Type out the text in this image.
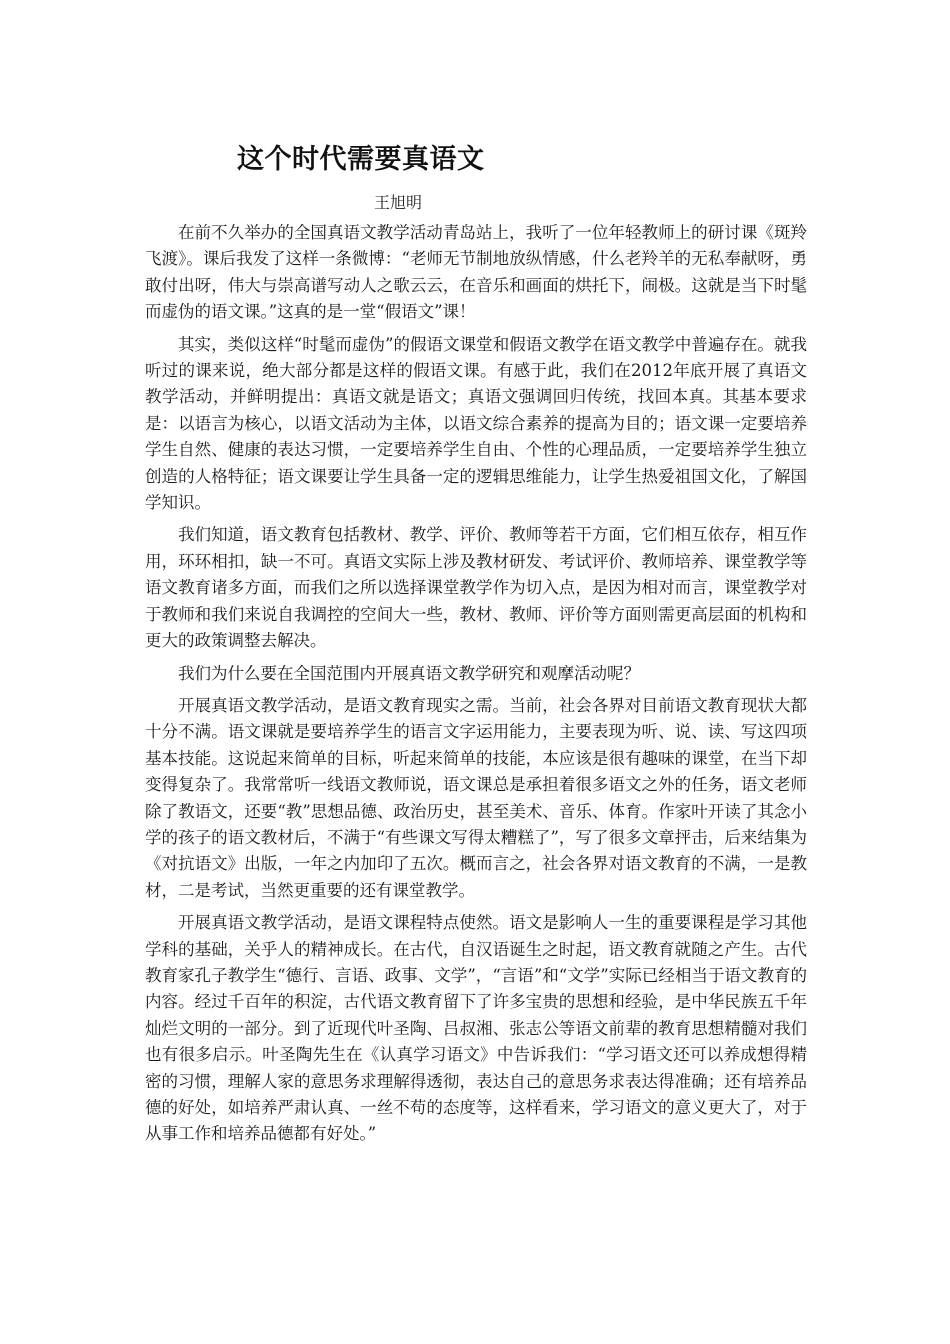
这个时代需要真语文
王旭明

在前不久举办的全国真语文教学活动青岛站上，我听了一位年轻教师上的研讨课《斑羚飞渡》。课后我发了这样一条微博：“老师无节制地放纵情感，什么老羚羊的无私奉献呀，勇敢付出呀，伟大与崇高谱写动人之歌云云，在音乐和画面的烘托下，闹极。这就是当下时髦而虚伪的语文课。”这真的是一堂“假语文”课！

其实，类似这样“时髦而虚伪”的假语文课堂和假语文教学在语文教学中普遍存在。就我听过的课来说，绝大部分都是这样的假语文课。有感于此，我们在2012年底开展了真语文教学活动，并鲜明提出：真语文就是语文；真语文强调回归传统，找回本真。其基本要求是：以语言为核心，以语文活动为主体，以语文综合素养的提高为目的；语文课一定要培养学生自然、健康的表达习惯，一定要培养学生自由、个性的心理品质，一定要培养学生独立创造的人格特征；语文课要让学生具备一定的逻辑思维能力，让学生热爱祖国文化，了解国学知识。

我们知道，语文教育包括教材、教学、评价、教师等若干方面，它们相互依存，相互作用，环环相扣，缺一不可。真语文实际上涉及教材研发、考试评价、教师培养、课堂教学等语文教育诸多方面，而我们之所以选择课堂教学作为切入点，是因为相对而言，课堂教学对于教师和我们来说自我调控的空间大一些，教材、教师、评价等方面则需更高层面的机构和更大的政策调整去解决。

我们为什么要在全国范围内开展真语文教学研究和观摩活动呢？

开展真语文教学活动，是语文教育现实之需。当前，社会各界对目前语文教育现状大都十分不满。语文课就是要培养学生的语言文字运用能力，主要表现为听、说、读、写这四项基本技能。这说起来简单的目标，听起来简单的技能，本应该是很有趣味的课堂，在当下却变得复杂了。我常常听一线语文教师说，语文课总是承担着很多语文之外的任务，语文老师除了教语文，还要“教”思想品德、政治历史，甚至美术、音乐、体育。作家叶开读了其念小学的孩子的语文教材后，不满于“有些课文写得太糟糕了”，写了很多文章抨击，后来结集为《对抗语文》出版，一年之内加印了五次。概而言之，社会各界对语文教育的不满，一是教材，二是考试，当然更重要的还有课堂教学。

开展真语文教学活动，是语文课程特点使然。语文是影响人一生的重要课程是学习其他学科的基础，关乎人的精神成长。在古代，自汉语诞生之时起，语文教育就随之产生。古代教育家孔子教学生“德行、言语、政事、文学”，“言语”和“文学”实际已经相当于语文教育的内容。经过千百年的积淀，古代语文教育留下了许多宝贵的思想和经验，是中华民族五千年灿烂文明的一部分。到了近现代叶圣陶、吕叔湘、张志公等语文前辈的教育思想精髓对我们也有很多启示。叶圣陶先生在《认真学习语文》中告诉我们：“学习语文还可以养成想得精密的习惯，理解人家的意思务求理解得透彻，表达自己的意思务求表达得准确；还有培养品德的好处，如培养严肃认真、一丝不苟的态度等，这样看来，学习语文的意义更大了，对于从事工作和培养品德都有好处。”
